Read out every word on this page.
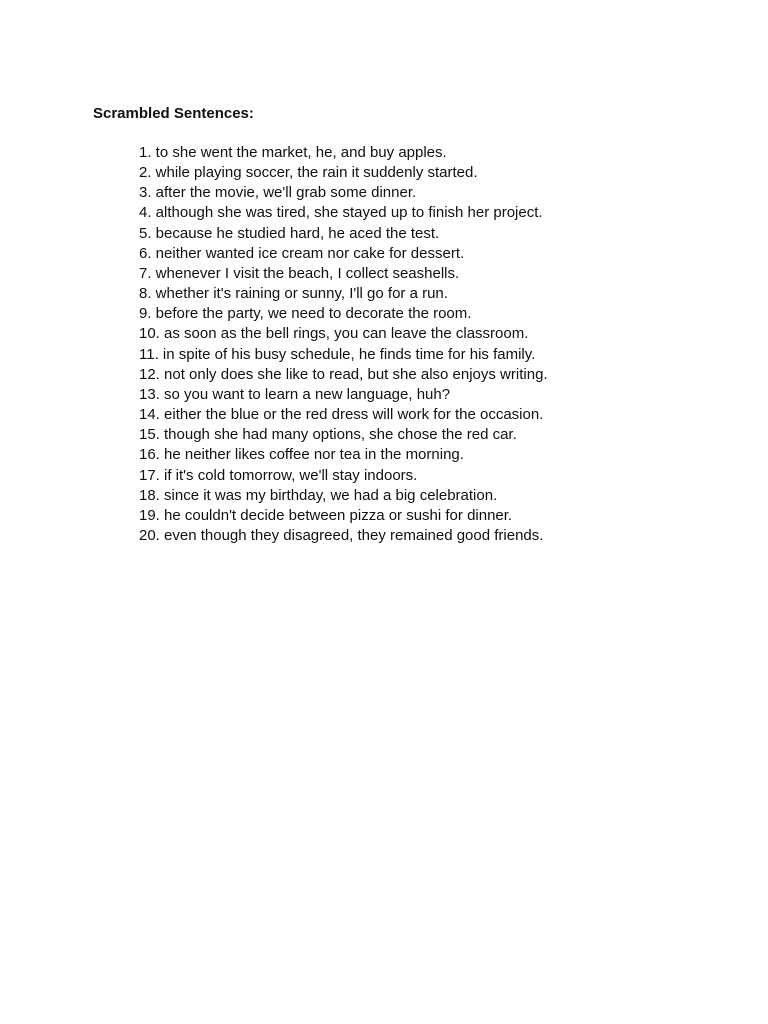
Scrambled Sentences:
1. to she went the market, he, and buy apples.
2. while playing soccer, the rain it suddenly started.
3. after the movie, we'll grab some dinner.
4. although she was tired, she stayed up to finish her project.
5. because he studied hard, he aced the test.
6. neither wanted ice cream nor cake for dessert.
7. whenever I visit the beach, I collect seashells.
8. whether it's raining or sunny, I'll go for a run.
9. before the party, we need to decorate the room.
10. as soon as the bell rings, you can leave the classroom.
11. in spite of his busy schedule, he finds time for his family.
12. not only does she like to read, but she also enjoys writing.
13. so you want to learn a new language, huh?
14. either the blue or the red dress will work for the occasion.
15. though she had many options, she chose the red car.
16. he neither likes coffee nor tea in the morning.
17. if it's cold tomorrow, we'll stay indoors.
18. since it was my birthday, we had a big celebration.
19. he couldn't decide between pizza or sushi for dinner.
20. even though they disagreed, they remained good friends.
